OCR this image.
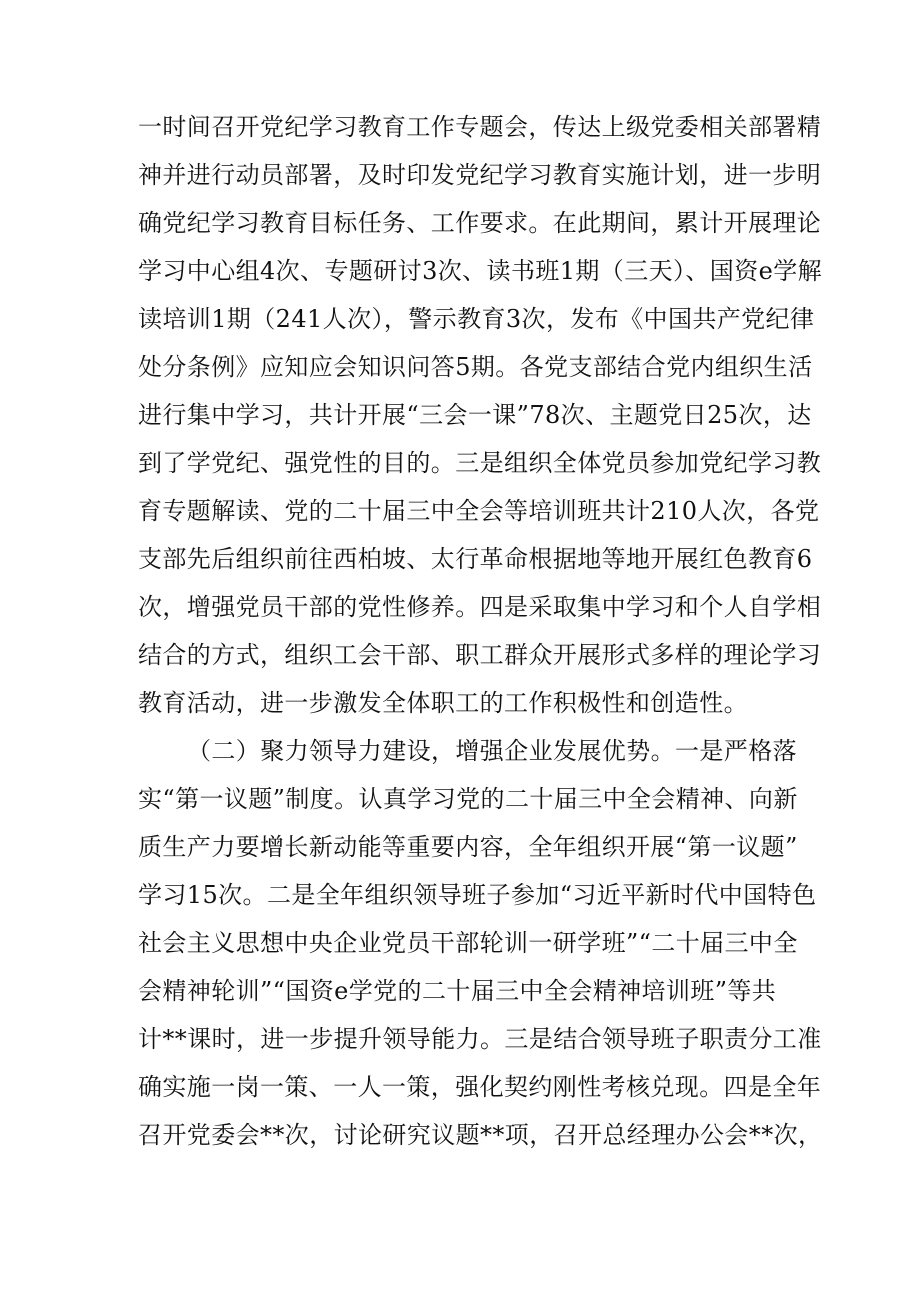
一时间召开党纪学习教育工作专题会，传达上级党委相关部署精
神并进行动员部署，及时印发党纪学习教育实施计划，进一步明
确党纪学习教育目标任务、工作要求。在此期间，累计开展理论
学习中心组4次、专题研讨3次、读书班1期（三天）、国资e学解
读培训1期（241人次），警示教育3次，发布《中国共产党纪律
处分条例》应知应会知识问答5期。各党支部结合党内组织生活
进行集中学习，共计开展“三会一课”78次、主题党日25次，达
到了学党纪、强党性的目的。三是组织全体党员参加党纪学习教
育专题解读、党的二十届三中全会等培训班共计210人次，各党
支部先后组织前往西柏坡、太行革命根据地等地开展红色教育6
次，增强党员干部的党性修养。四是采取集中学习和个人自学相
结合的方式，组织工会干部、职工群众开展形式多样的理论学习
教育活动，进一步激发全体职工的工作积极性和创造性。
（二）聚力领导力建设，增强企业发展优势。一是严格落
实“第一议题”制度。认真学习党的二十届三中全会精神、向新
质生产力要增长新动能等重要内容，全年组织开展“第一议题”
学习15次。二是全年组织领导班子参加“习近平新时代中国特色
社会主义思想中央企业党员干部轮训一研学班”“二十届三中全
会精神轮训”“国资e学党的二十届三中全会精神培训班”等共
计**课时，进一步提升领导能力。三是结合领导班子职责分工准
确实施一岗一策、一人一策，强化契约刚性考核兑现。四是全年
召开党委会**次，讨论研究议题**项，召开总经理办公会**次，
